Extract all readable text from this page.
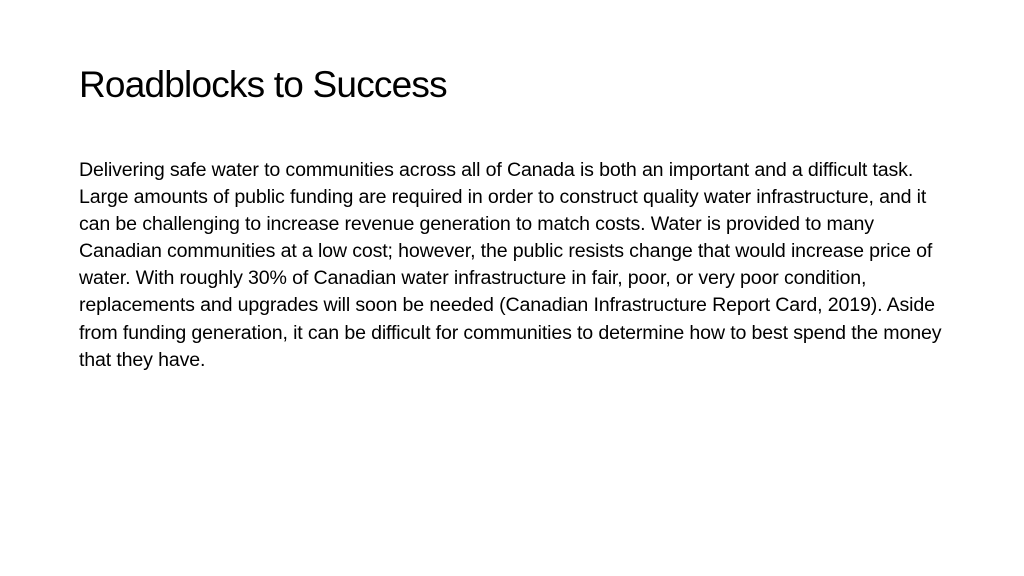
Roadblocks to Success

Delivering safe water to communities across all of Canada is both an important and a difficult task. Large amounts of public funding are required in order to construct quality water infrastructure, and it can be challenging to increase revenue generation to match costs. Water is provided to many Canadian communities at a low cost; however, the public resists change that would increase price of water. With roughly 30% of Canadian water infrastructure in fair, poor, or very poor condition, replacements and upgrades will soon be needed (Canadian Infrastructure Report Card, 2019). Aside from funding generation, it can be difficult for communities to determine how to best spend the money that they have.
